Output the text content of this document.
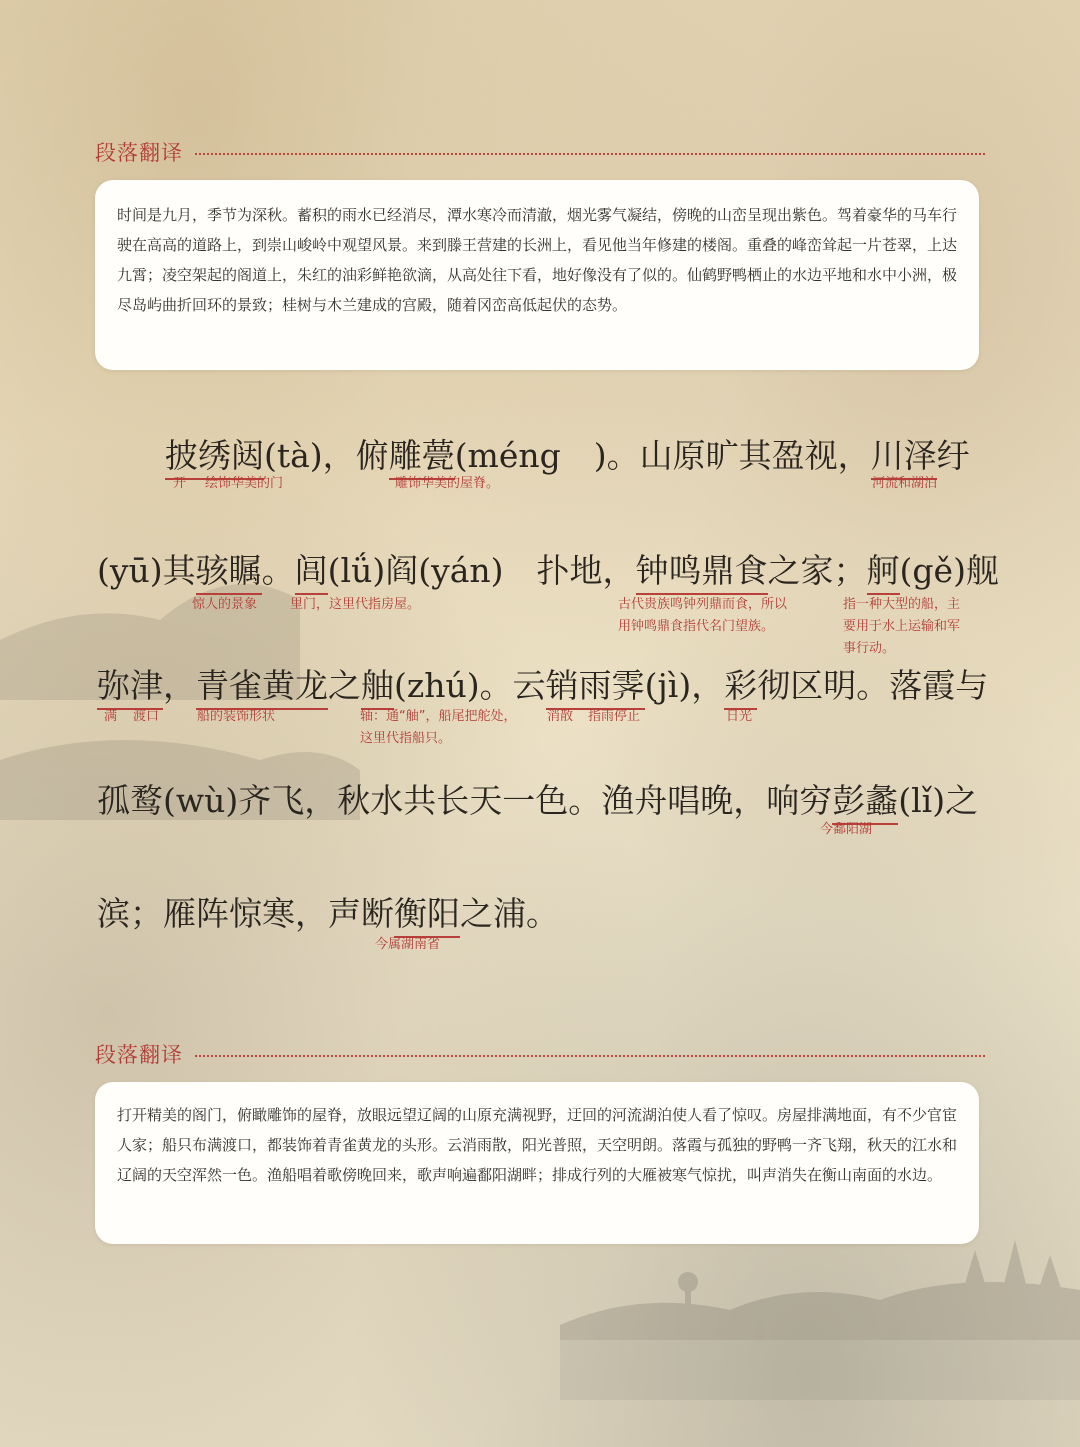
段落翻译

时间是九月，季节为深秋。蓄积的雨水已经消尽，潭水寒冷而清澈，烟光雾气凝结，傍晚的山峦呈现出紫色。驾着豪华的马车行驶在高高的道路上，到崇山峻岭中观望风景。来到滕王营建的长洲上，看见他当年修建的楼阁。重叠的峰峦耸起一片苍翠，上达九霄；凌空架起的阁道上，朱红的油彩鲜艳欲滴，从高处往下看，地好像没有了似的。仙鹤野鸭栖止的水边平地和水中小洲，极尽岛屿曲折回环的景致；桂树与木兰建成的宫殿，随着冈峦高低起伏的态势。

披绣闼(tà)，俯雕甍(méng　)。山原旷其盈视，川泽纡
开 绘饰华美的门	雕饰华美的屋脊。	河流和湖泊
(yū)其骇瞩。闾(lǘ)阎(yán)　扑地，钟鸣鼎食之家；舸(gě)舰
惊人的景象	里门，这里代指房屋。	古代贵族鸣钟列鼎而食，所以
用钟鸣鼎食指代名门望族。
指一种大型的船，主
要用于水上运输和军
事行动。
弥津，青雀黄龙之舳(zhú)。云销雨霁(jì)，彩彻区明。落霞与
满 渡口	船的装饰形状	轴：通“舳”，船尾把舵处，
这里代指船只。
消散 指雨停止	日光
孤鹜(wù)齐飞，秋水共长天一色。渔舟唱晚，响穷彭蠡(lǐ)之
今鄱阳湖
滨；雁阵惊寒，声断衡阳之浦。
今属湖南省
段落翻译

打开精美的阁门，俯瞰雕饰的屋脊，放眼远望辽阔的山原充满视野，迂回的河流湖泊使人看了惊叹。房屋排满地面，有不少官宦人家；船只布满渡口，都装饰着青雀黄龙的头形。云消雨散，阳光普照，天空明朗。落霞与孤独的野鸭一齐飞翔，秋天的江水和辽阔的天空浑然一色。渔船唱着歌傍晚回来，歌声响遍鄱阳湖畔；排成行列的大雁被寒气惊扰，叫声消失在衡山南面的水边。
